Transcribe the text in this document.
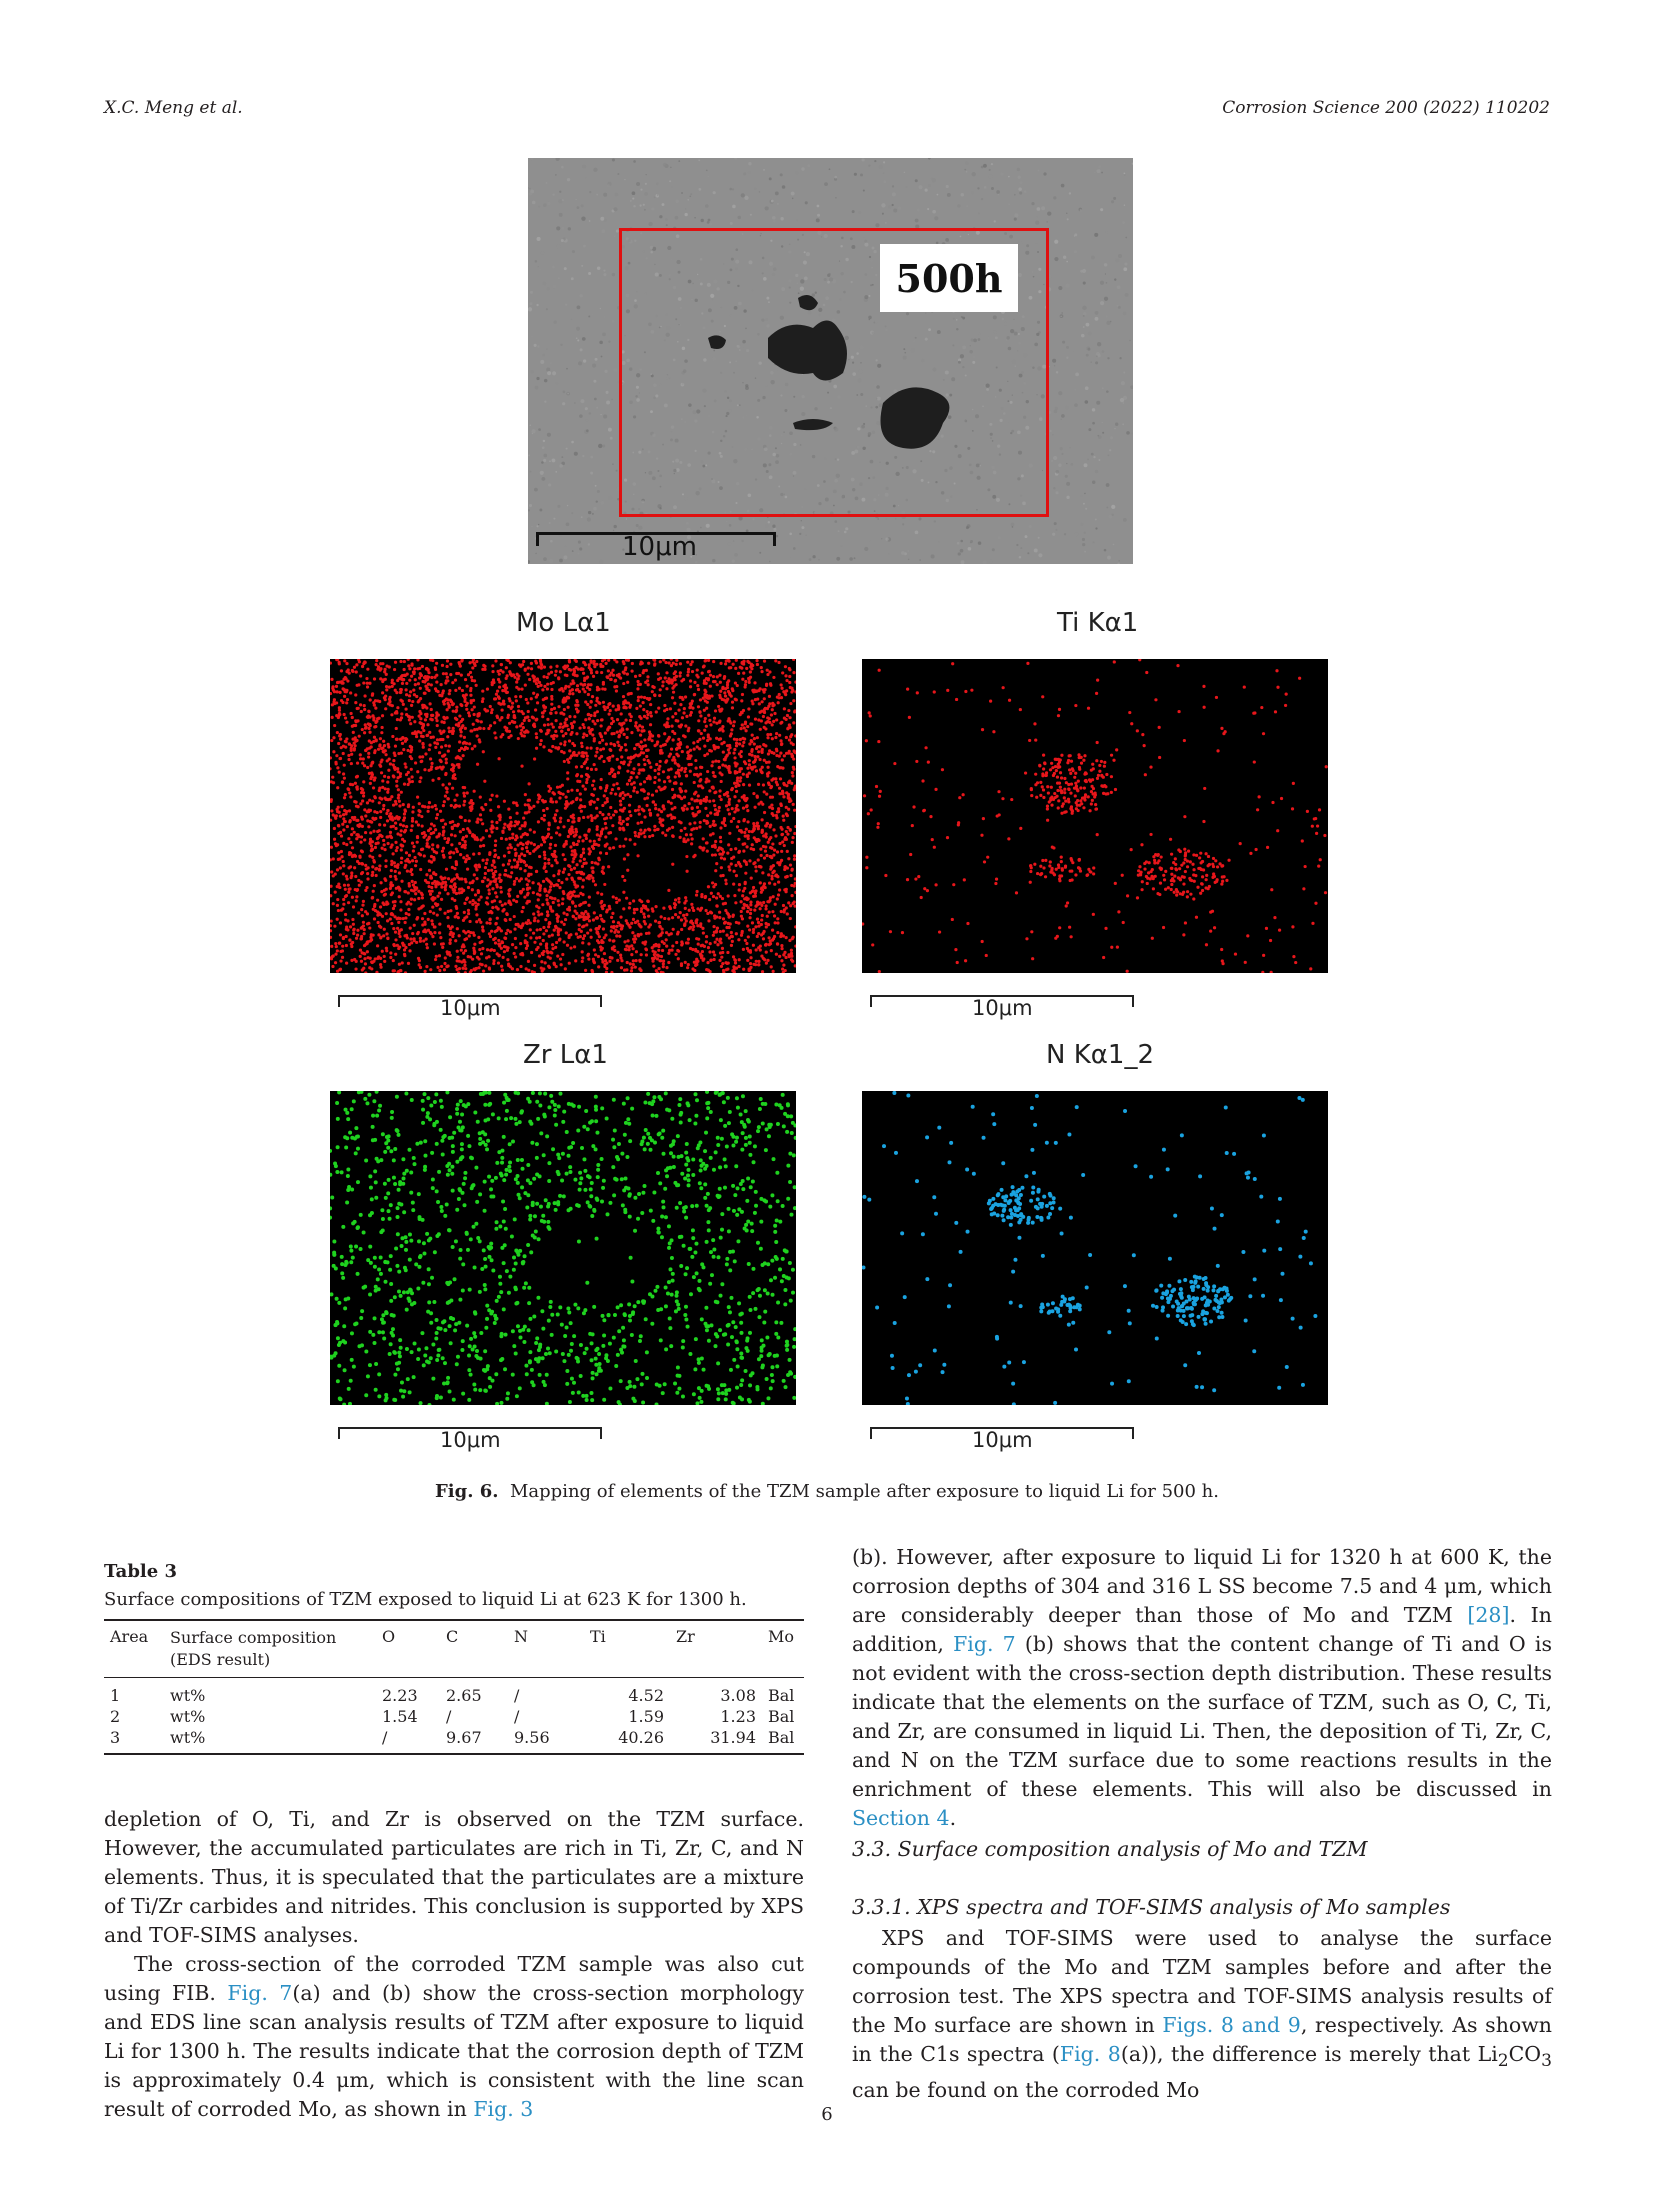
X.C. Meng et al.	Corrosion Science 200 (2022) 110202
500h
10μm
Mo Lα1	Ti Kα1
Zr Lα1	N Kα1_2
10μm	10μm
10μm	10μm
Fig. 6. Mapping of elements of the TZM sample after exposure to liquid Li for 500 h.
Table 3
Surface compositions of TZM exposed to liquid Li at 623 K for 1300 h.
Area	Surface composition (EDS result)	O	C	N	Ti	Zr	Mo
1	wt%	2.23	2.65	/	4.52	3.08	Bal
2	wt%	1.54	/	/	1.59	1.23	Bal
3	wt%	/	9.67	9.56	40.26	31.94	Bal

depletion of O, Ti, and Zr is observed on the TZM surface. However, the accumulated particulates are rich in Ti, Zr, C, and N elements. Thus, it is speculated that the particulates are a mixture of Ti/Zr carbides and nitrides. This conclusion is supported by XPS and TOF-SIMS analyses.

The cross-section of the corroded TZM sample was also cut using FIB. Fig. 7(a) and (b) show the cross-section morphology and EDS line scan analysis results of TZM after exposure to liquid Li for 1300 h. The results indicate that the corrosion depth of TZM is approximately 0.4 μm, which is consistent with the line scan result of corroded Mo, as shown in Fig. 3

(b). However, after exposure to liquid Li for 1320 h at 600 K, the corrosion depths of 304 and 316 L SS become 7.5 and 4 μm, which are considerably deeper than those of Mo and TZM [28]. In addition, Fig. 7 (b) shows that the content change of Ti and O is not evident with the cross-section depth distribution. These results indicate that the elements on the surface of TZM, such as O, C, Ti, and Zr, are consumed in liquid Li. Then, the deposition of Ti, Zr, C, and N on the TZM surface due to some reactions results in the enrichment of these elements. This will also be discussed in Section 4.

3.3. Surface composition analysis of Mo and TZM
3.3.1. XPS spectra and TOF-SIMS analysis of Mo samples

XPS and TOF-SIMS were used to analyse the surface compounds of the Mo and TZM samples before and after the corrosion test. The XPS spectra and TOF-SIMS analysis results of the Mo surface are shown in Figs. 8 and 9, respectively. As shown in the C1s spectra (Fig. 8(a)), the difference is merely that $Li_2CO_3$ can be found on the corroded Mo

6
